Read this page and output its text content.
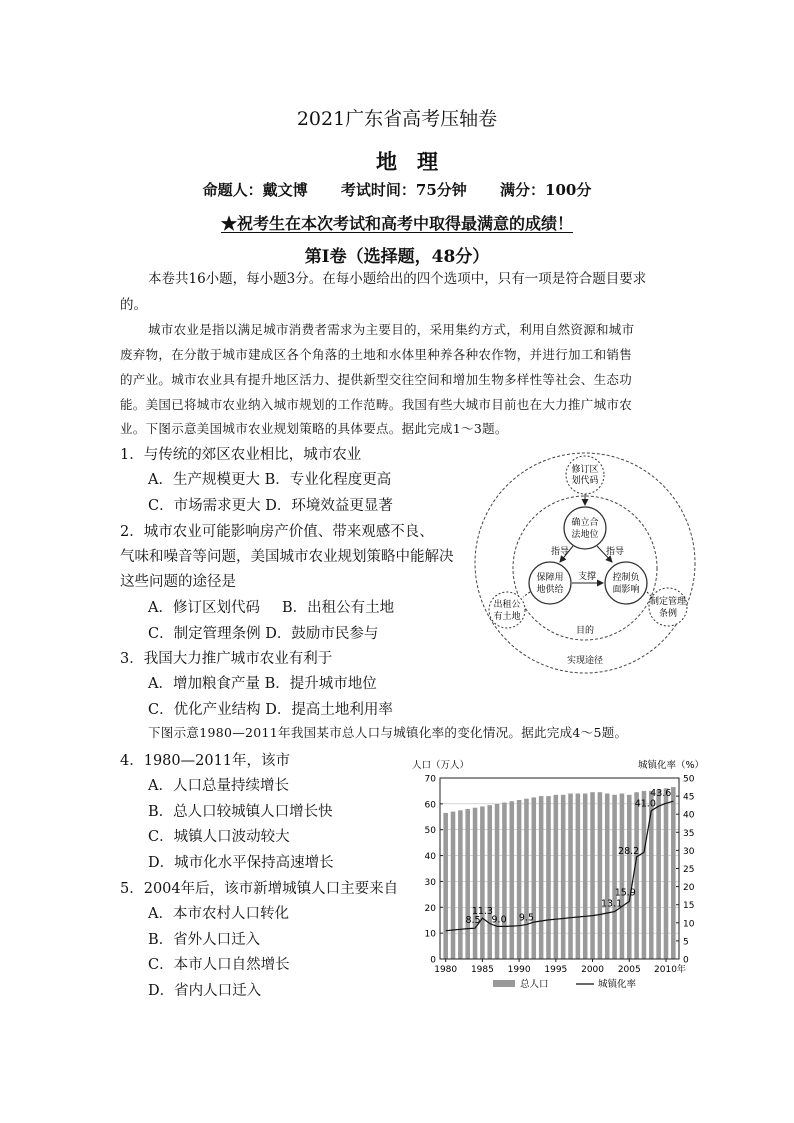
2021广东省高考压轴卷
地理
命题人：戴文博 考试时间：75分钟 满分：100分
★祝考生在本次考试和高考中取得最满意的成绩！
第Ⅰ卷（选择题，48分）
本卷共16小题，每小题3分。在每小题给出的四个选项中，只有一项是符合题目要求
的。
城市农业是指以满足城市消费者需求为主要目的，采用集约方式，利用自然资源和城市
废弃物，在分散于城市建成区各个角落的土地和水体里种养各种农作物，并进行加工和销售
的产业。城市农业具有提升地区活力、提供新型交往空间和增加生物多样性等社会、生态功
能。美国已将城市农业纳入城市规划的工作范畴。我国有些大城市目前也在大力推广城市农
业。下图示意美国城市农业规划策略的具体要点。据此完成1～3题。
1．与传统的郊区农业相比，城市农业
A．生产规模更大 B．专业化程度更高
C．市场需求更大 D．环境效益更显著
2．城市农业可能影响房产价值、带来观感不良、
气味和噪音等问题，美国城市农业规划策略中能解决
这些问题的途径是
A．修订区划代码 B．出租公有土地
C．制定管理条例 D．鼓励市民参与
3．我国大力推广城市农业有利于
A．增加粮食产量 B．提升城市地位
C．优化产业结构 D．提高土地利用率
下图示意1980—2011年我国某市总人口与城镇化率的变化情况。据此完成4～5题。
4．1980—2011年，该市
A．人口总量持续增长
B．总人口较城镇人口增长快
C．城镇人口波动较大
D．城市化水平保持高速增长
5．2004年后，该市新增城镇人口主要来自
A．本市农村人口转化
B．省外人口迁入
C．本市人口自然增长
D．省内人口迁入
修订区
划代码
确立合
法地位
保障用
地供给
控制负
面影响
出租公
有土地
制定管理
条例
指导	指导
支撑
目的
实现途径
人口（万人）	城镇化率（%）
8.5
11.3
9.0 9.5
13.1
15.9
28.2
41.0
43.6
0
10
20
30
40
50
60
70
0
5
10
15
20
25
30
35
40
45
50
1980 1985 1990 1995 2000 2005 2010年
总人口	城镇化率
